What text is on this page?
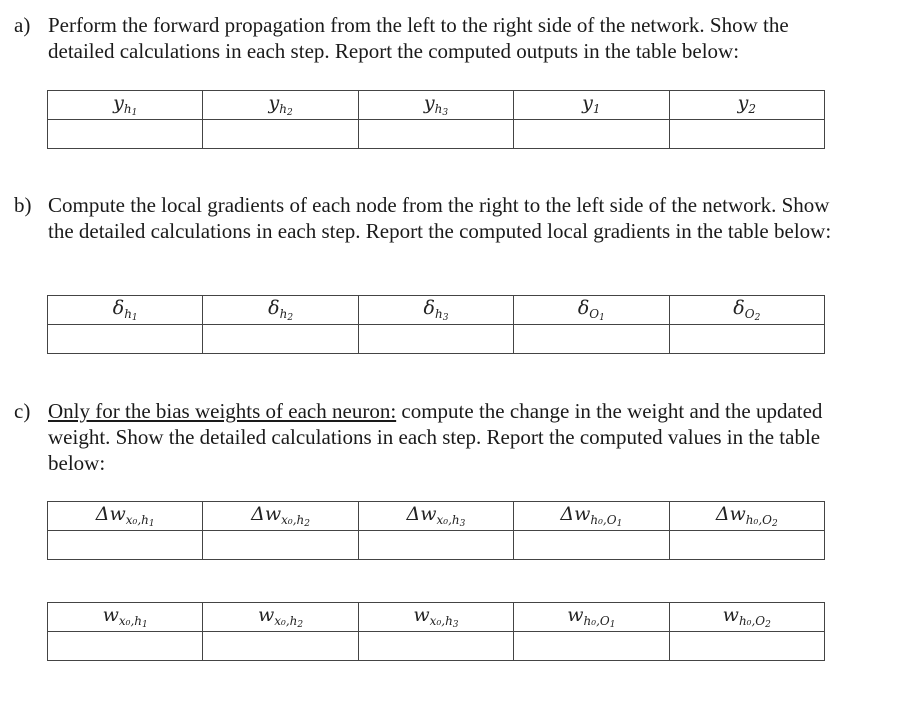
a) Perform the forward propagation from the left to the right side of the network. Show the detailed calculations in each step. Report the computed outputs in the table below:
$y_{h_1}$	$y_{h_2}$	$y_{h_3}$	$y_1$	$y_2$

b) Compute the local gradients of each node from the right to the left side of the network. Show the detailed calculations in each step. Report the computed local gradients in the table below:
$\delta_{h_1}$	$\delta_{h_2}$	$\delta_{h_3}$	$\delta_{O_1}$	$\delta_{O_2}$

c) Only for the bias weights of each neuron: compute the change in the weight and the updated weight. Show the detailed calculations in each step. Report the computed values in the table below:
$\Delta w_{x_0,h_1}$	$\Delta w_{x_0,h_2}$	$\Delta w_{x_0,h_3}$	$\Delta w_{h_0,O_1}$	$\Delta w_{h_0,O_2}$

$w_{x_0,h_1}$	$w_{x_0,h_2}$	$w_{x_0,h_3}$	$w_{h_0,O_1}$	$w_{h_0,O_2}$
